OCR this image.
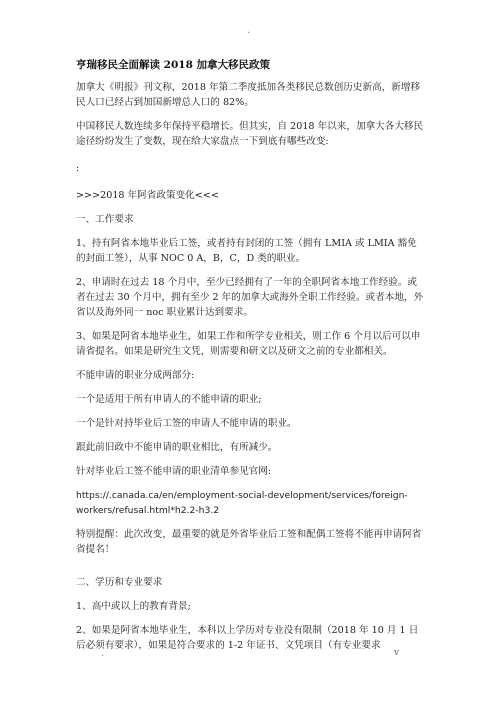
.
亨瑞移民全面解读 2018 加拿大移民政策

加拿大《明报》刊文称，2018 年第二季度抵加各类移民总数创历史新高，新增移民人口已经占到加国新增总人口的 82%。

中国移民人数连续多年保持平稳增长。但其实，自 2018 年以来，加拿大各大移民途径纷纷发生了变数，现在给大家盘点一下到底有哪些改变:

:

>>>2018 年阿省政策变化<<<

一、工作要求

1、持有阿省本地毕业后工签，或者持有封闭的工签（拥有 LMIA 或 LMIA 豁免的封面工签），从事 NOC 0 A，B，C，D 类的职业。

2、申请时在过去 18 个月中，至少已经拥有了一年的全职阿省本地工作经验。或者在过去 30 个月中，拥有至少 2 年的加拿大或海外全职工作经验。或者本地，外省以及海外同一 noc 职业累计达到要求。

3、如果是阿省本地毕业生，如果工作和所学专业相关，则工作 6 个月以后可以申请省提名。如果是研究生文凭，则需要和研文以及研文之前的专业都相关。

不能申请的职业分成两部分:

一个是适用于所有申请人的不能申请的职业;

一个是针对持毕业后工签的申请人不能申请的职业。

跟此前旧政中不能申请的职业相比，有所减少。

针对毕业后工签不能申请的职业清单参见官网:

https://.canada.ca/en/employment-social-development/services/foreign-workers/refusal.html*h2.2-h3.2

特别提醒：此次改变，最重要的就是外省毕业后工签和配偶工签将不能再申请阿省省提名！

二、学历和专业要求

1、高中或以上的教育背景;

2、如果是阿省本地毕业生，本科以上学历对专业没有限制（2018 年 10 月 1 日后必须有要求），如果是符合要求的 1-2 年证书、文凭项目（有专业要求

.	v
